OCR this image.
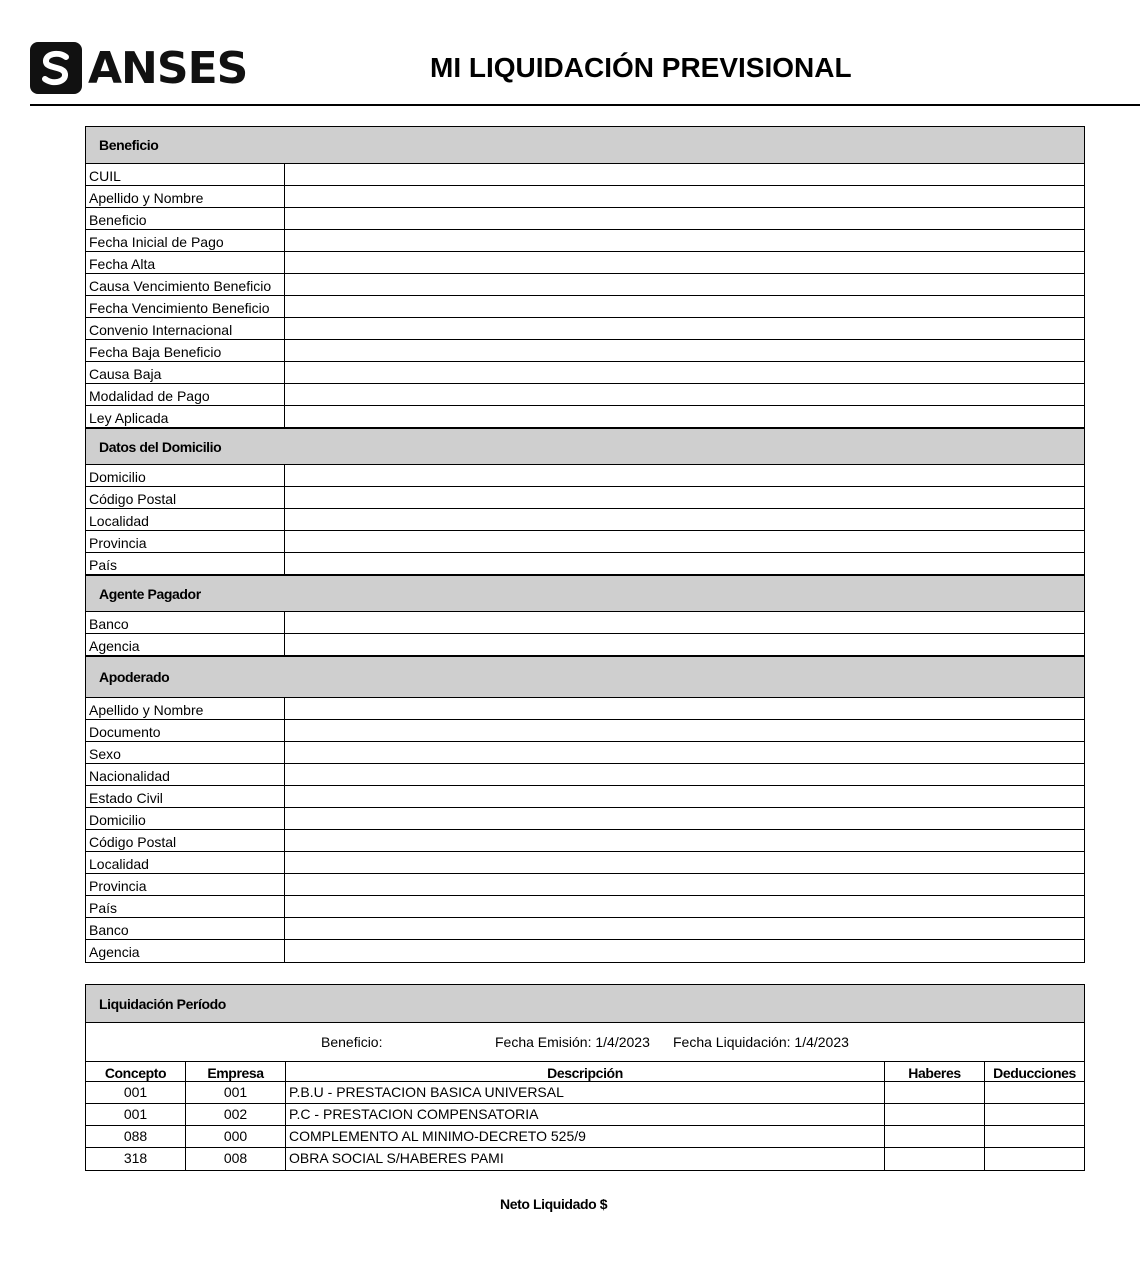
ANSES	MI LIQUIDACIÓN PREVISIONAL
Beneficio
CUIL
Apellido y Nombre
Beneficio
Fecha Inicial de Pago
Fecha Alta
Causa Vencimiento Beneficio
Fecha Vencimiento Beneficio
Convenio Internacional
Fecha Baja Beneficio
Causa Baja
Modalidad de Pago
Ley Aplicada
Datos del Domicilio
Domicilio
Código Postal
Localidad
Provincia
País
Agente Pagador
Banco
Agencia
Apoderado
Apellido y Nombre
Documento
Sexo
Nacionalidad
Estado Civil
Domicilio
Código Postal
Localidad
Provincia
País
Banco
Agencia
Liquidación Período
Beneficio:	Fecha Emisión: 1/4/2023 Fecha Liquidación: 1/4/2023
Concepto	Empresa	Descripción	Haberes	Deducciones
001	001	P.B.U - PRESTACION BASICA UNIVERSAL
001	002	P.C - PRESTACION COMPENSATORIA
088	000	COMPLEMENTO AL MINIMO-DECRETO 525/9
318	008	OBRA SOCIAL S/HABERES PAMI
Neto Liquidado $
